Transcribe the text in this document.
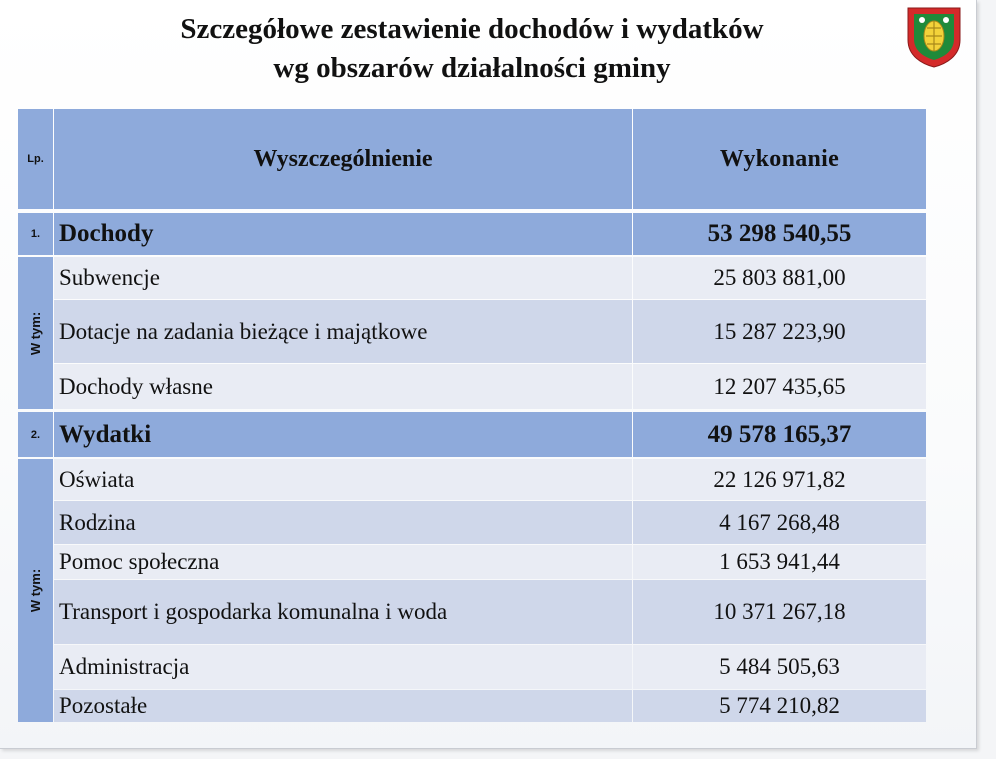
Szczegółowe zestawienie dochodów i wydatków
wg obszarów działalności gminy
Lp.	Wyszczególnienie	Wykonanie
1. Dochody	53 298 540,55
W tym:
Subwencje	25 803 881,00
Dotacje na zadania bieżące i majątkowe	15 287 223,90
Dochody własne	12 207 435,65
2. Wydatki	49 578 165,37
W tym:
Oświata	22 126 971,82
Rodzina	4 167 268,48
Pomoc społeczna	1 653 941,44
Transport i gospodarka komunalna i woda	10 371 267,18
Administracja	5 484 505,63
Pozostałe	5 774 210,82
